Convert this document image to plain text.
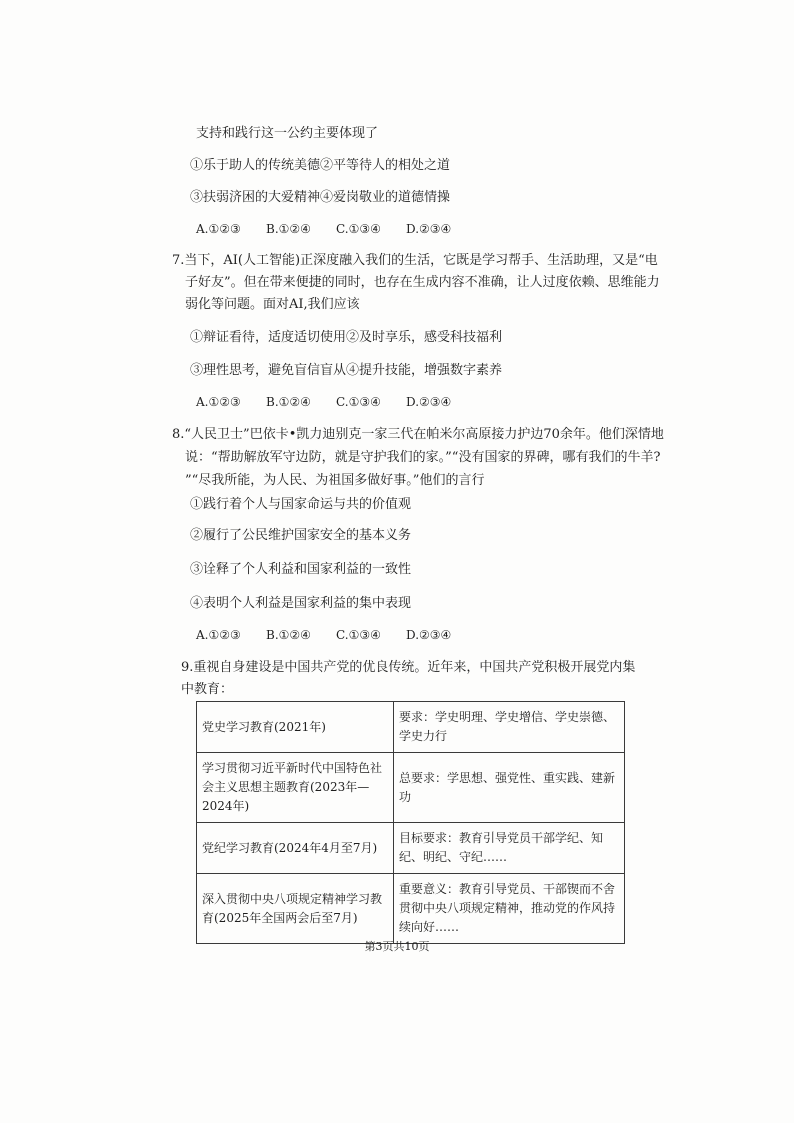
支持和践行这一公约主要体现了
①乐于助人的传统美德②平等待人的相处之道
③扶弱济困的大爱精神④爱岗敬业的道德情操
A.①②③ B.①②④ C.①③④ D.②③④
7.当下，AI(人工智能)正深度融入我们的生活，它既是学习帮手、生活助理，又是“电
子好友”。但在带来便捷的同时，也存在生成内容不准确，让人过度依赖、思维能力
弱化等问题。面对AI,我们应该
①辩证看待，适度适切使用②及时享乐，感受科技福利
③理性思考，避免盲信盲从④提升技能，增强数字素养
A.①②③ B.①②④ C.①③④ D.②③④
8.“人民卫士”巴依卡•凯力迪别克一家三代在帕米尔高原接力护边70余年。他们深情地
说：“帮助解放军守边防，就是守护我们的家。”“没有国家的界碑，哪有我们的牛羊?
”“尽我所能，为人民、为祖国多做好事。”他们的言行
①践行着个人与国家命运与共的价值观
②履行了公民维护国家安全的基本义务
③诠释了个人利益和国家利益的一致性
④表明个人利益是国家利益的集中表现
A.①②③ B.①②④ C.①③④ D.②③④
9.重视自身建设是中国共产党的优良传统。近年来，中国共产党积极开展党内集
中教育：
党史学习教育(2021年)	要求：学史明理、学史增信、学史崇德、学史力行
学习贯彻习近平新时代中国特色社会主义思想主题教育(2023年—2024年)	总要求：学思想、强党性、重实践、建新功
党纪学习教育(2024年4月至7月)	目标要求：教育引导党员干部学纪、知纪、明纪、守纪……
深入贯彻中央八项规定精神学习教育(2025年全国两会后至7月)	重要意义：教育引导党员、干部锲而不舍贯彻中央八项规定精神，推动党的作风持续向好……
第3页共10页
